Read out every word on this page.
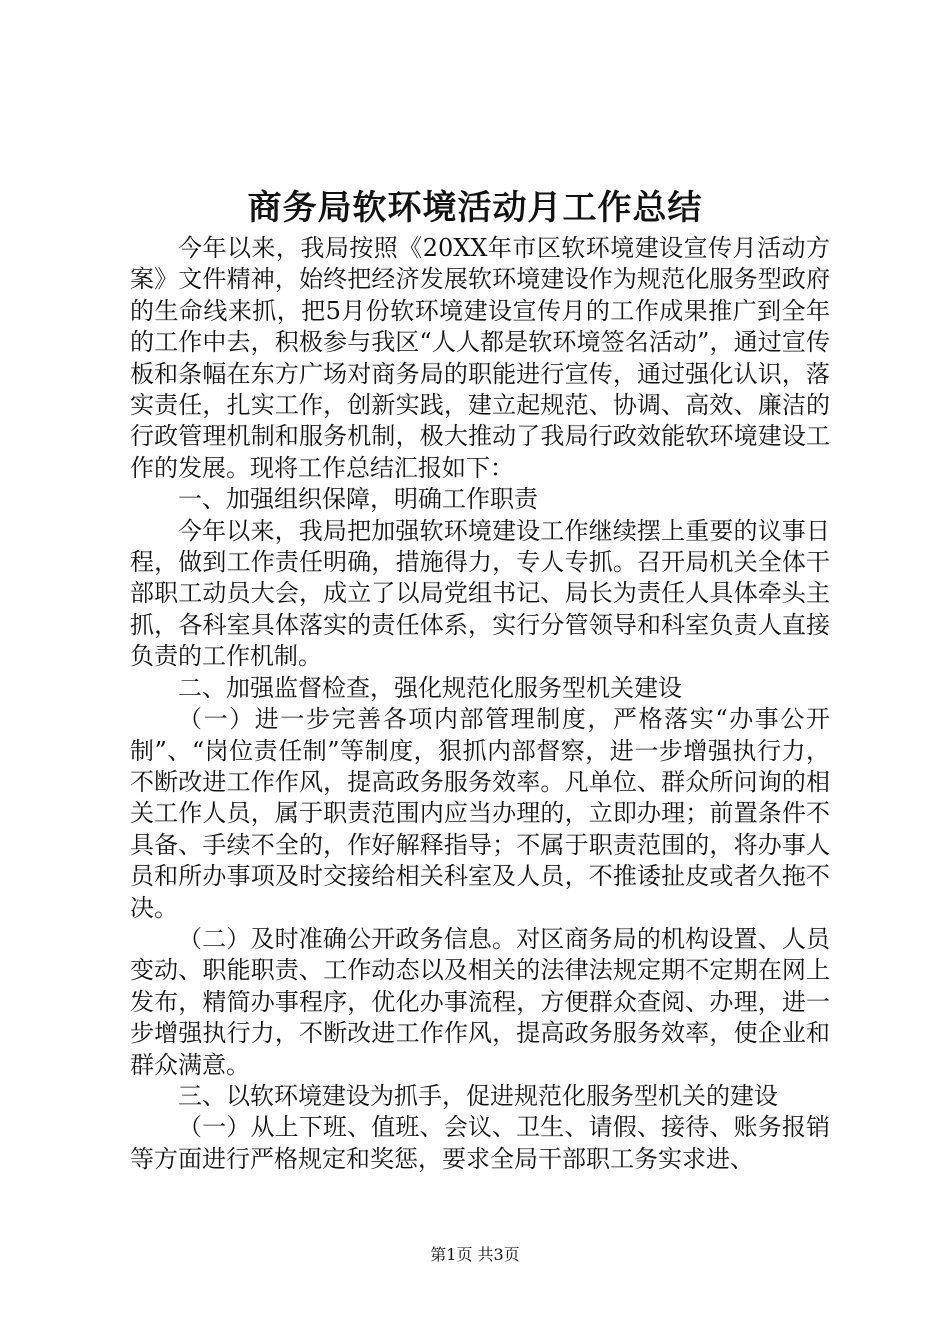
商务局软环境活动月工作总结

今年以来，我局按照《20XX年市区软环境建设宣传月活动方案》文件精神，始终把经济发展软环境建设作为规范化服务型政府的生命线来抓，把5月份软环境建设宣传月的工作成果推广到全年的工作中去，积极参与我区“人人都是软环境签名活动”，通过宣传板和条幅在东方广场对商务局的职能进行宣传，通过强化认识，落实责任，扎实工作，创新实践，建立起规范、协调、高效、廉洁的行政管理机制和服务机制，极大推动了我局行政效能软环境建设工作的发展。现将工作总结汇报如下：

一、加强组织保障，明确工作职责

今年以来，我局把加强软环境建设工作继续摆上重要的议事日程，做到工作责任明确，措施得力，专人专抓。召开局机关全体干部职工动员大会，成立了以局党组书记、局长为责任人具体牵头主抓，各科室具体落实的责任体系，实行分管领导和科室负责人直接负责的工作机制。

二、加强监督检查，强化规范化服务型机关建设

（一）进一步完善各项内部管理制度，严格落实“办事公开制”、“岗位责任制”等制度，狠抓内部督察，进一步增强执行力，不断改进工作作风，提高政务服务效率。凡单位、群众所问询的相关工作人员，属于职责范围内应当办理的，立即办理；前置条件不具备、手续不全的，作好解释指导；不属于职责范围的，将办事人员和所办事项及时交接给相关科室及人员，不推诿扯皮或者久拖不决。

（二）及时准确公开政务信息。对区商务局的机构设置、人员变动、职能职责、工作动态以及相关的法律法规定期不定期在网上发布，精简办事程序，优化办事流程，方便群众查阅、办理，进一步增强执行力，不断改进工作作风，提高政务服务效率，使企业和群众满意。

三、以软环境建设为抓手，促进规范化服务型机关的建设

（一）从上下班、值班、会议、卫生、请假、接待、账务报销等方面进行严格规定和奖惩，要求全局干部职工务实求进、

第1页 共3页
